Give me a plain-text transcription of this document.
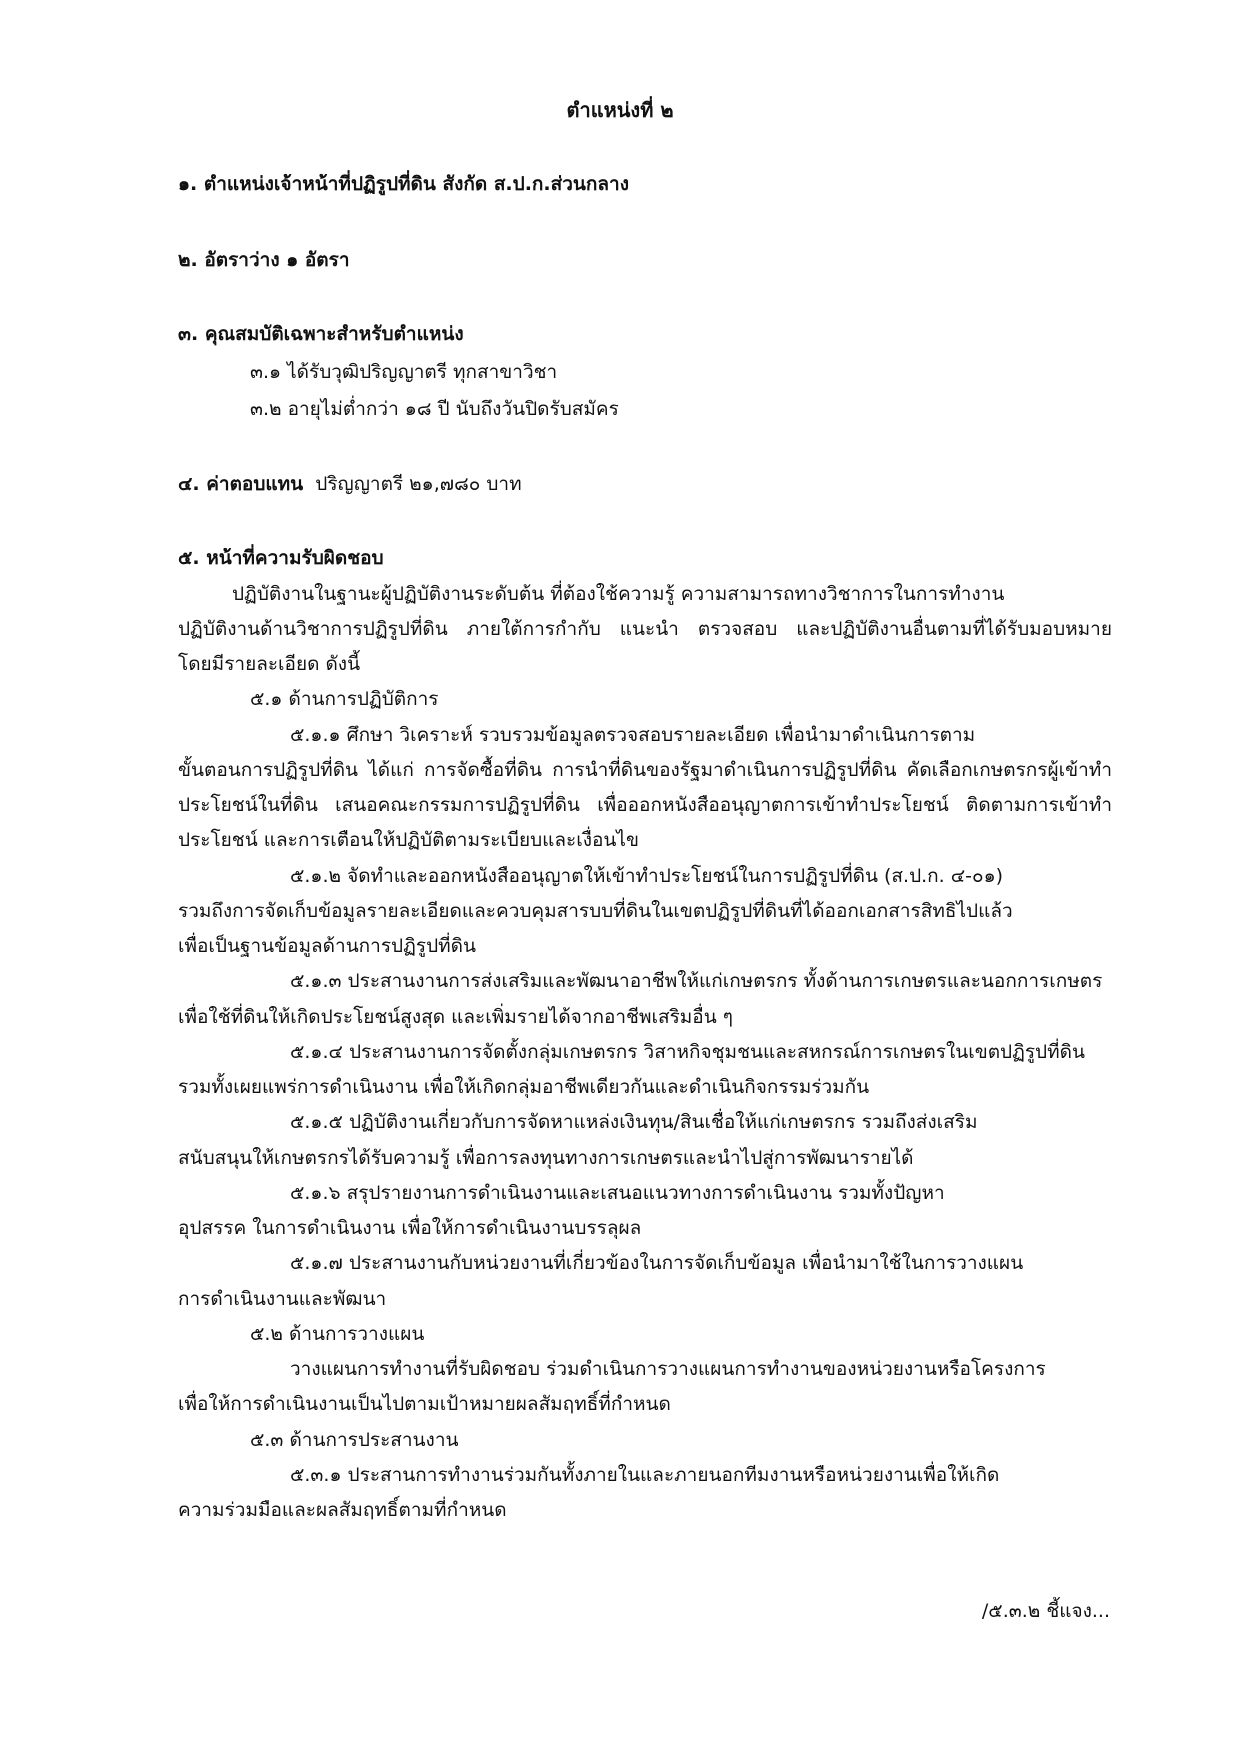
ตำแหน่งที่ ๒
๑. ตำแหน่งเจ้าหน้าที่ปฏิรูปที่ดิน สังกัด ส.ป.ก.ส่วนกลาง
๒. อัตราว่าง ๑ อัตรา
๓. คุณสมบัติเฉพาะสำหรับตำแหน่ง
๓.๑ ได้รับวุฒิปริญญาตรี ทุกสาขาวิชา
๓.๒ อายุไม่ต่ำกว่า ๑๘ ปี นับถึงวันปิดรับสมัคร
๔. ค่าตอบแทน ปริญญาตรี ๒๑,๗๘๐ บาท
๕. หน้าที่ความรับผิดชอบ
ปฏิบัติงานในฐานะผู้ปฏิบัติงานระดับต้น ที่ต้องใช้ความรู้ ความสามารถทางวิชาการในการทำงาน
ปฏิบัติงานด้านวิชาการปฏิรูปที่ดิน ภายใต้การกำกับ แนะนำ ตรวจสอบ และปฏิบัติงานอื่นตามที่ได้รับมอบหมาย
โดยมีรายละเอียด ดังนี้
๕.๑ ด้านการปฏิบัติการ
๕.๑.๑ ศึกษา วิเคราะห์ รวบรวมข้อมูลตรวจสอบรายละเอียด เพื่อนำมาดำเนินการตาม
ขั้นตอนการปฏิรูปที่ดิน ได้แก่ การจัดซื้อที่ดิน การนำที่ดินของรัฐมาดำเนินการปฏิรูปที่ดิน คัดเลือกเกษตรกรผู้เข้าทำ
ประโยชน์ในที่ดิน เสนอคณะกรรมการปฏิรูปที่ดิน เพื่อออกหนังสืออนุญาตการเข้าทำประโยชน์ ติดตามการเข้าทำ
ประโยชน์ และการเตือนให้ปฏิบัติตามระเบียบและเงื่อนไข
๕.๑.๒ จัดทำและออกหนังสืออนุญาตให้เข้าทำประโยชน์ในการปฏิรูปที่ดิน (ส.ป.ก. ๔-๐๑)
รวมถึงการจัดเก็บข้อมูลรายละเอียดและควบคุมสารบบที่ดินในเขตปฏิรูปที่ดินที่ได้ออกเอกสารสิทธิไปแล้ว
เพื่อเป็นฐานข้อมูลด้านการปฏิรูปที่ดิน
๕.๑.๓ ประสานงานการส่งเสริมและพัฒนาอาชีพให้แก่เกษตรกร ทั้งด้านการเกษตรและนอกการเกษตร
เพื่อใช้ที่ดินให้เกิดประโยชน์สูงสุด และเพิ่มรายได้จากอาชีพเสริมอื่น ๆ
๕.๑.๔ ประสานงานการจัดตั้งกลุ่มเกษตรกร วิสาหกิจชุมชนและสหกรณ์การเกษตรในเขตปฏิรูปที่ดิน
รวมทั้งเผยแพร่การดำเนินงาน เพื่อให้เกิดกลุ่มอาชีพเดียวกันและดำเนินกิจกรรมร่วมกัน
๕.๑.๕ ปฏิบัติงานเกี่ยวกับการจัดหาแหล่งเงินทุน/สินเชื่อให้แก่เกษตรกร รวมถึงส่งเสริม
สนับสนุนให้เกษตรกรได้รับความรู้ เพื่อการลงทุนทางการเกษตรและนำไปสู่การพัฒนารายได้
๕.๑.๖ สรุปรายงานการดำเนินงานและเสนอแนวทางการดำเนินงาน รวมทั้งปัญหา
อุปสรรค ในการดำเนินงาน เพื่อให้การดำเนินงานบรรลุผล
๕.๑.๗ ประสานงานกับหน่วยงานที่เกี่ยวข้องในการจัดเก็บข้อมูล เพื่อนำมาใช้ในการวางแผน
การดำเนินงานและพัฒนา
๕.๒ ด้านการวางแผน
วางแผนการทำงานที่รับผิดชอบ ร่วมดำเนินการวางแผนการทำงานของหน่วยงานหรือโครงการ
เพื่อให้การดำเนินงานเป็นไปตามเป้าหมายผลสัมฤทธิ์ที่กำหนด
๕.๓ ด้านการประสานงาน
๕.๓.๑ ประสานการทำงานร่วมกันทั้งภายในและภายนอกทีมงานหรือหน่วยงานเพื่อให้เกิด
ความร่วมมือและผลสัมฤทธิ์ตามที่กำหนด
/๕.๓.๒ ชี้แจง...
